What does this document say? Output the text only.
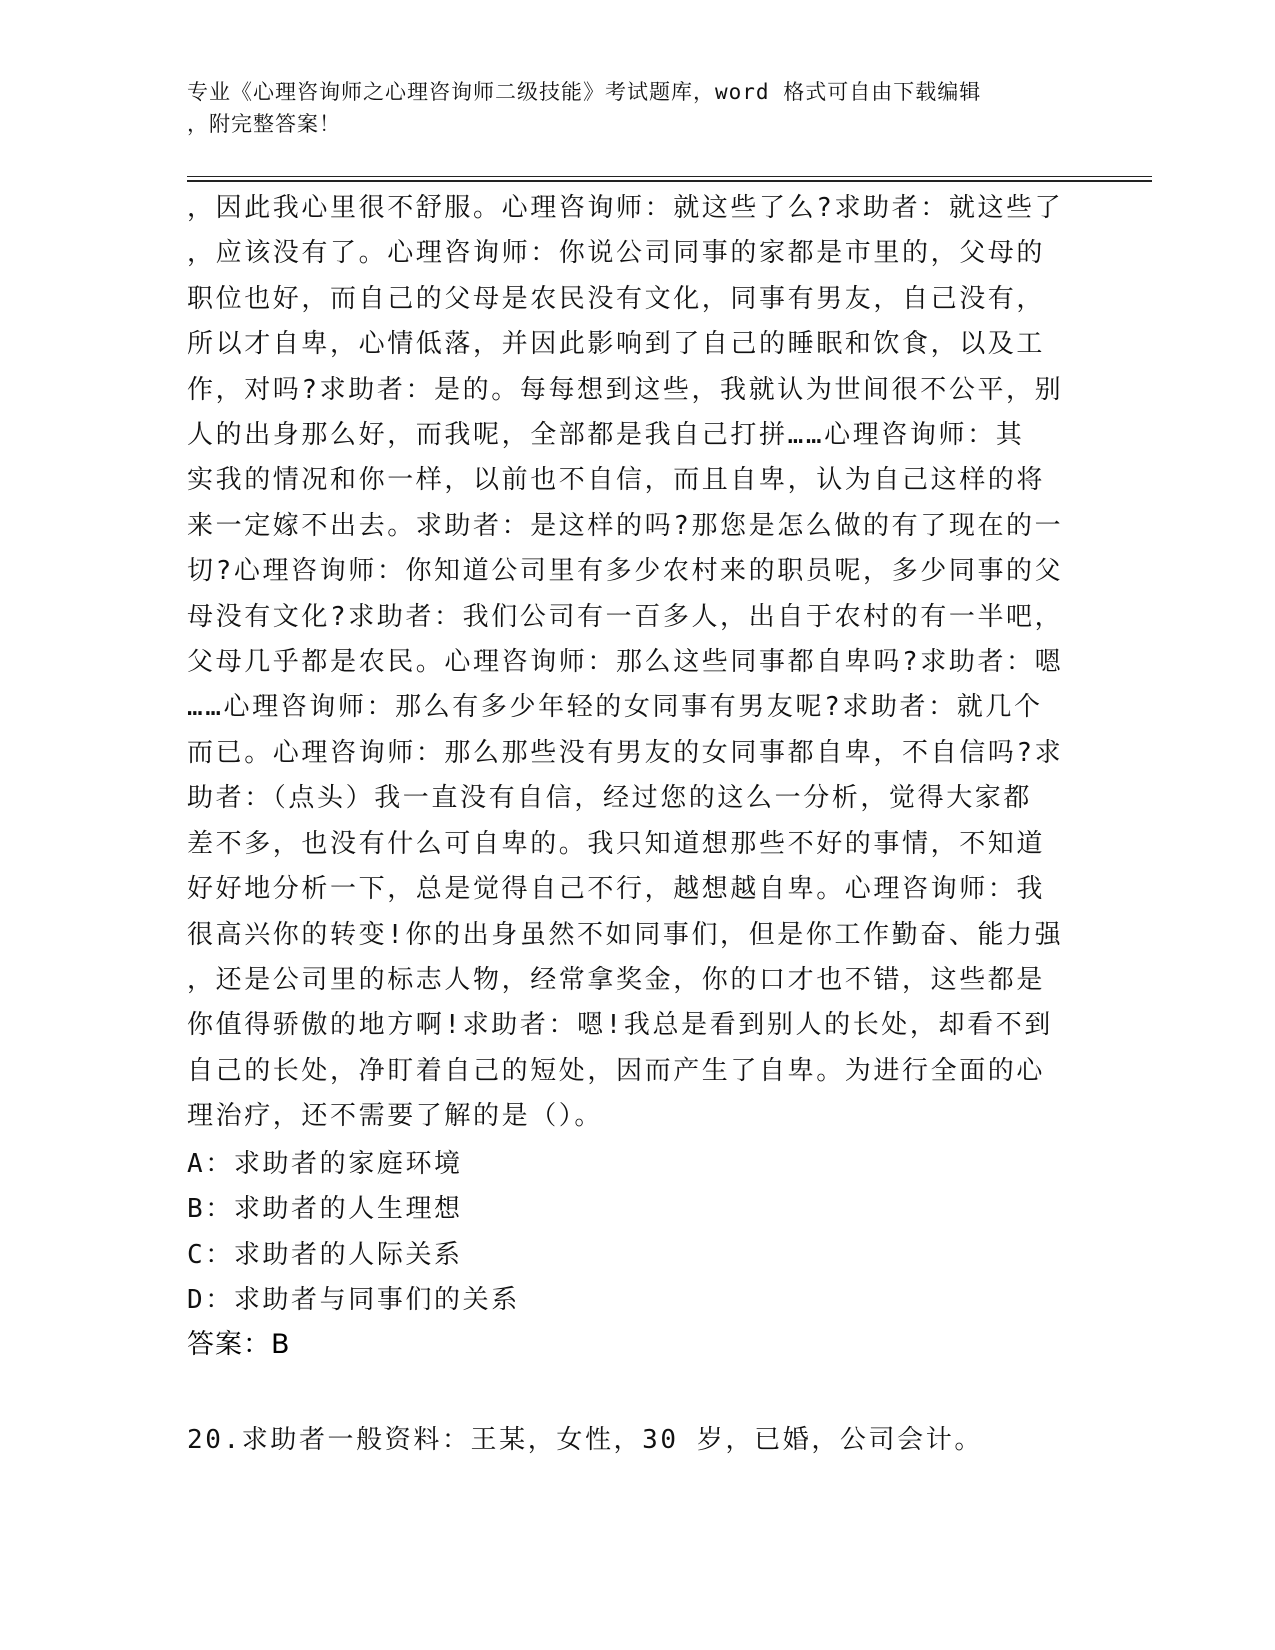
专业《心理咨询师之心理咨询师二级技能》考试题库，word 格式可自由下载编辑
，附完整答案！
，因此我心里很不舒服。心理咨询师：就这些了么?求助者：就这些了
，应该没有了。心理咨询师：你说公司同事的家都是市里的，父母的
职位也好，而自己的父母是农民没有文化，同事有男友，自己没有，
所以才自卑，心情低落，并因此影响到了自己的睡眠和饮食，以及工
作，对吗?求助者：是的。每每想到这些，我就认为世间很不公平，别
人的出身那么好，而我呢，全部都是我自己打拼……心理咨询师：其
实我的情况和你一样，以前也不自信，而且自卑，认为自己这样的将
来一定嫁不出去。求助者：是这样的吗?那您是怎么做的有了现在的一
切?心理咨询师：你知道公司里有多少农村来的职员呢，多少同事的父
母没有文化?求助者：我们公司有一百多人，出自于农村的有一半吧，
父母几乎都是农民。心理咨询师：那么这些同事都自卑吗?求助者：嗯
……心理咨询师：那么有多少年轻的女同事有男友呢?求助者：就几个
而已。心理咨询师：那么那些没有男友的女同事都自卑，不自信吗?求
助者：（点头）我一直没有自信，经过您的这么一分析，觉得大家都
差不多，也没有什么可自卑的。我只知道想那些不好的事情，不知道
好好地分析一下，总是觉得自己不行，越想越自卑。心理咨询师：我
很高兴你的转变!你的出身虽然不如同事们，但是你工作勤奋、能力强
，还是公司里的标志人物，经常拿奖金，你的口才也不错，这些都是
你值得骄傲的地方啊!求助者：嗯!我总是看到别人的长处，却看不到
自己的长处，净盯着自己的短处，因而产生了自卑。为进行全面的心
理治疗，还不需要了解的是（）。
A：求助者的家庭环境
B：求助者的人生理想
C：求助者的人际关系
D：求助者与同事们的关系
答案：B
20.求助者一般资料：王某，女性，30 岁，已婚，公司会计。
